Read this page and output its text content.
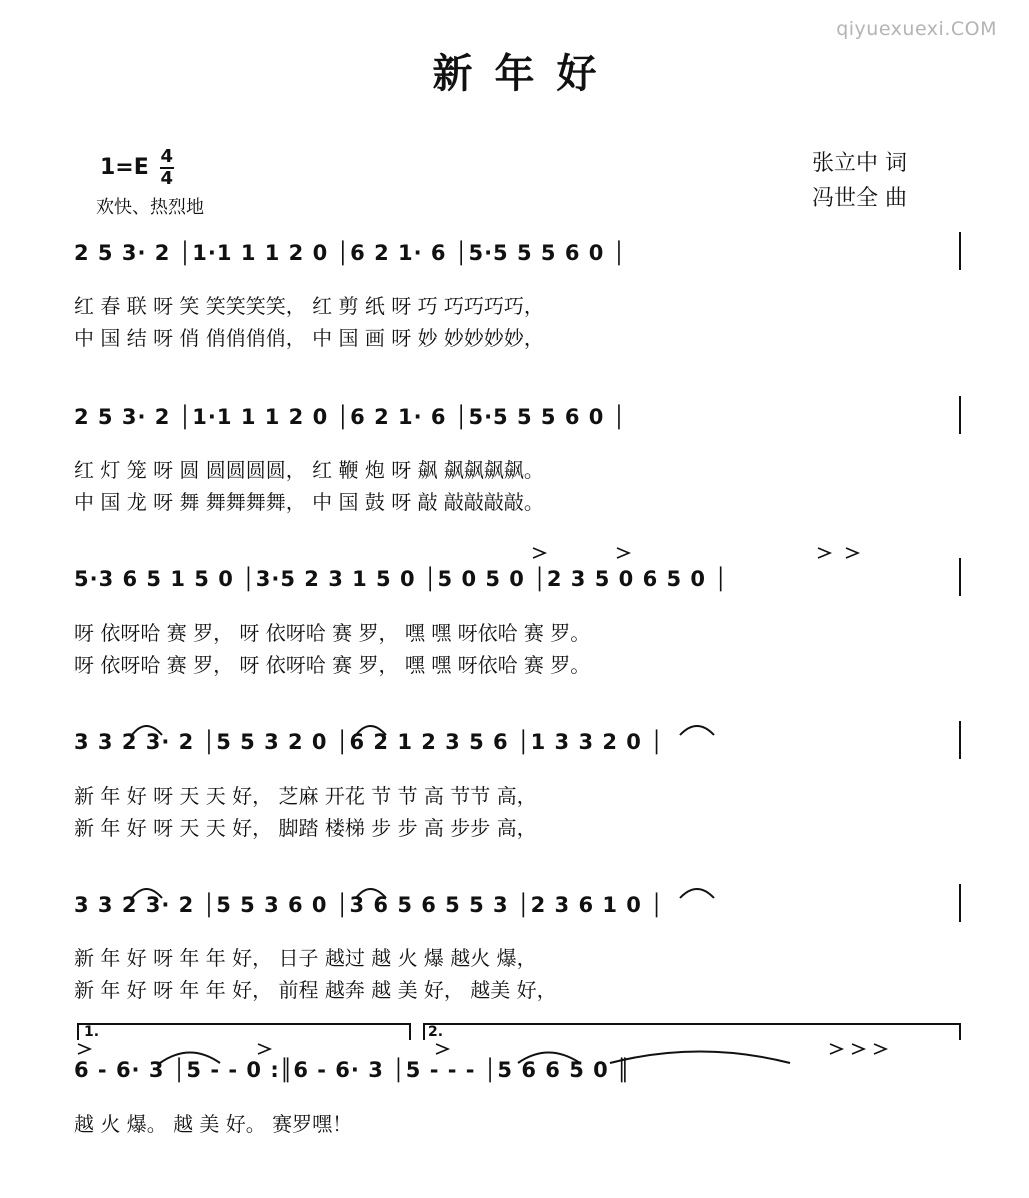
qiyuexuexi.COM
新年好
$1=E \frac{4}{4}$
欢快、热烈地
张立中 词
冯世全 曲
2 5 3· 2 │1·1 1 1 2 0 │6 2 1· 6 │5·5 5 5 6 0 │
红 春 联 呀 笑 笑笑笑笑， 红 剪 纸 呀 巧 巧巧巧巧，
中 国 结 呀 俏 俏俏俏俏， 中 国 画 呀 妙 妙妙妙妙，
2 5 3· 2 │1·1 1 1 2 0 │6 2 1· 6 │5·5 5 5 6 0 │
红 灯 笼 呀 圆 圆圆圆圆， 红 鞭 炮 呀 飙 飙飙飙飙。
中 国 龙 呀 舞 舞舞舞舞， 中 国 鼓 呀 敲 敲敲敲敲。
5·3 6 5 1 5 0 │3·5 2 3 1 5 0 │5 0 5 0 │2 3 5 0 6 5 0 │
呀 依呀哈 赛 罗， 呀 依呀哈 赛 罗， 嘿 嘿 呀依哈 赛 罗。
呀 依呀哈 赛 罗， 呀 依呀哈 赛 罗， 嘿 嘿 呀依哈 赛 罗。
3 3 2 3· 2 │5 5 3 2 0 │6 2 1 2 3 5 6 │1 3 3 2 0 │
新 年 好 呀 天 天 好， 芝麻 开花 节 节 高 节节 高，
新 年 好 呀 天 天 好， 脚踏 楼梯 步 步 高 步步 高，
3 3 2 3· 2 │5 5 3 6 0 │3 6 5 6 5 5 3 │2 3 6 1 0 │
新 年 好 呀 年 年 好， 日子 越过 越 火 爆 越火 爆，
新 年 好 呀 年 年 好， 前程 越奔 越 美 好， 越美 好，
1.	2.
6 - 6· 3 │5 - - 0 :║6 - 6· 3 │5 - - - │5 6 6 5 0 ║
越 火 爆。 越 美 好。 赛罗嘿！
